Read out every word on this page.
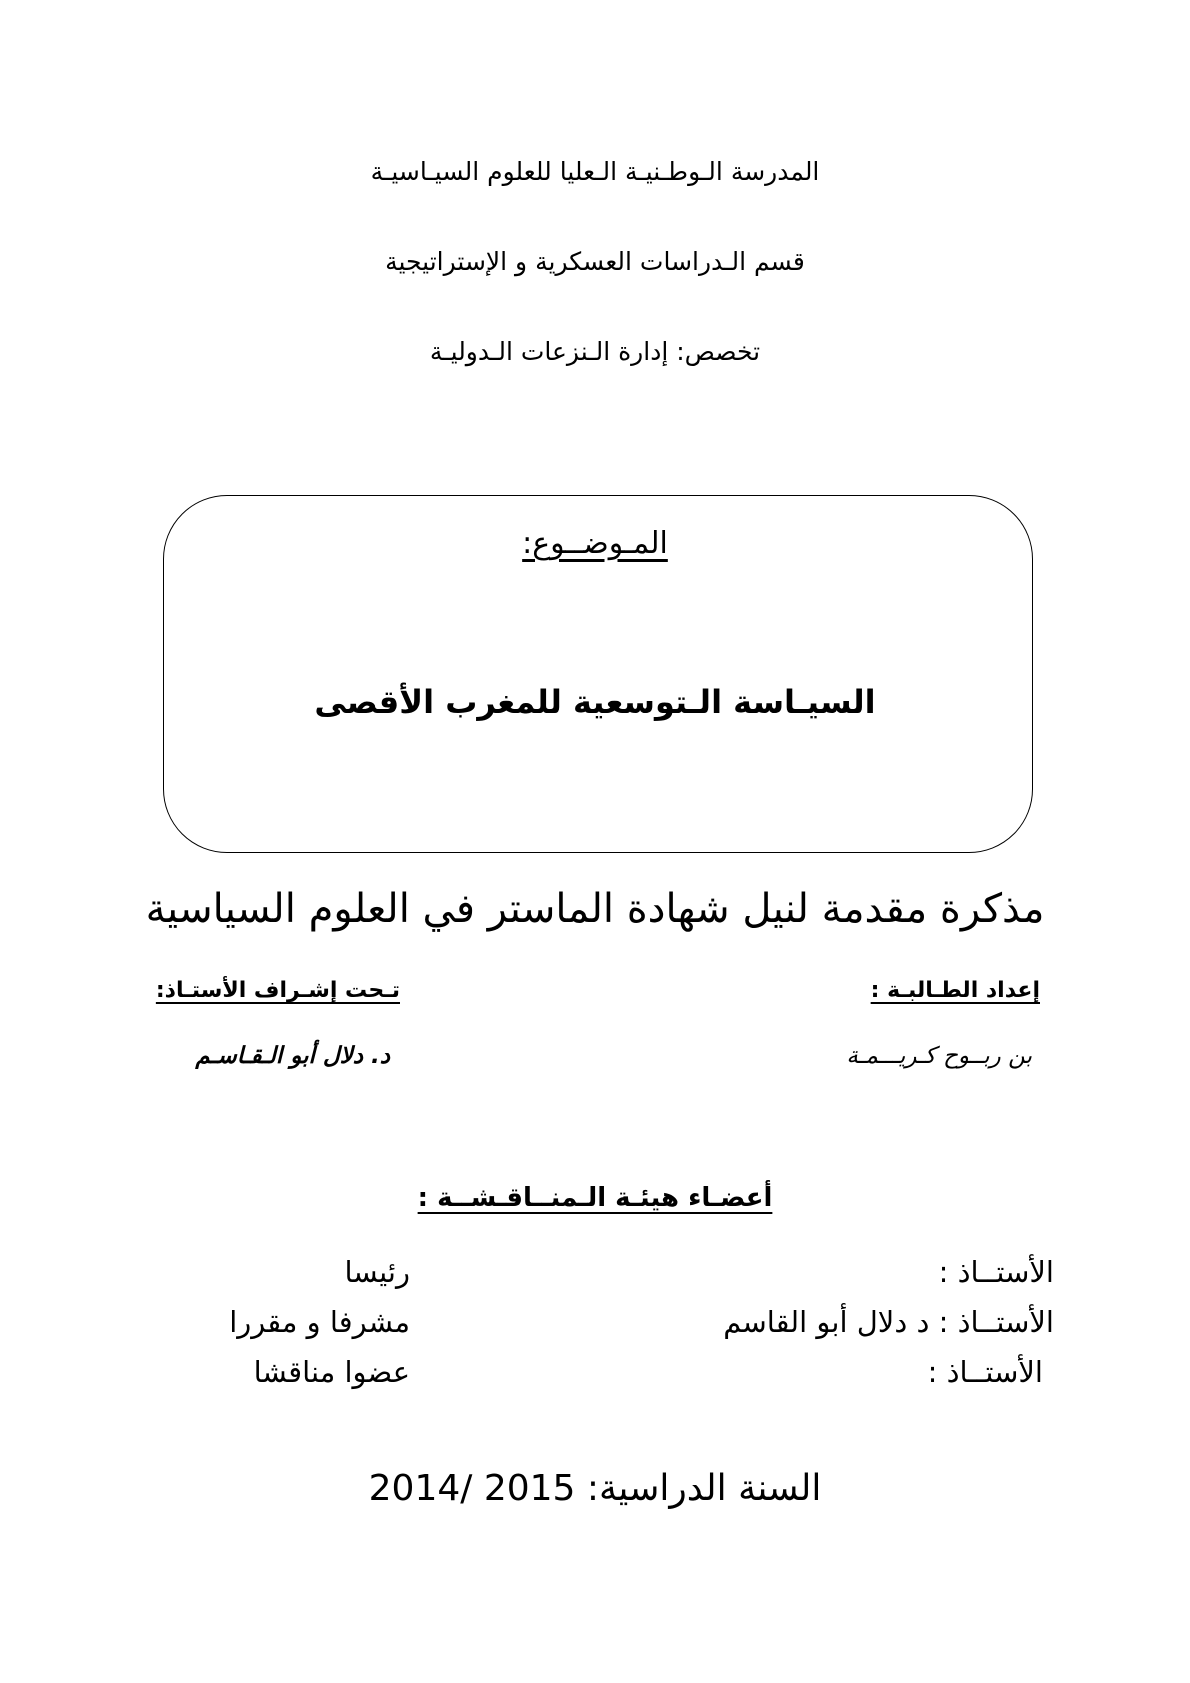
المدرسة الـوطـنيـة الـعليا للعلوم السيـاسيـة
قسم الـدراسات العسكرية و الإستراتيجية
تخصص: إدارة الـنزعات الـدوليـة
المـوضــوع:
السيـاسة الـتوسعية للمغرب الأقصى
مذكرة مقدمة لنيل شهادة الماستر في العلوم السياسية
إعداد الطـالبـة :
تـحت إشـراف الأستـاذ:
بن ربــوح كـريـــمـة
د. دلال أبو الـقـاسـم
أعضـاء هيئـة الـمنــاقـشــة :
الأستــاذ :
رئيسا
الأستــاذ : د دلال أبو القاسم
مشرفا و مقررا
الأستــاذ :
عضوا مناقشا
السنة الدراسية: 2014/ 2015
